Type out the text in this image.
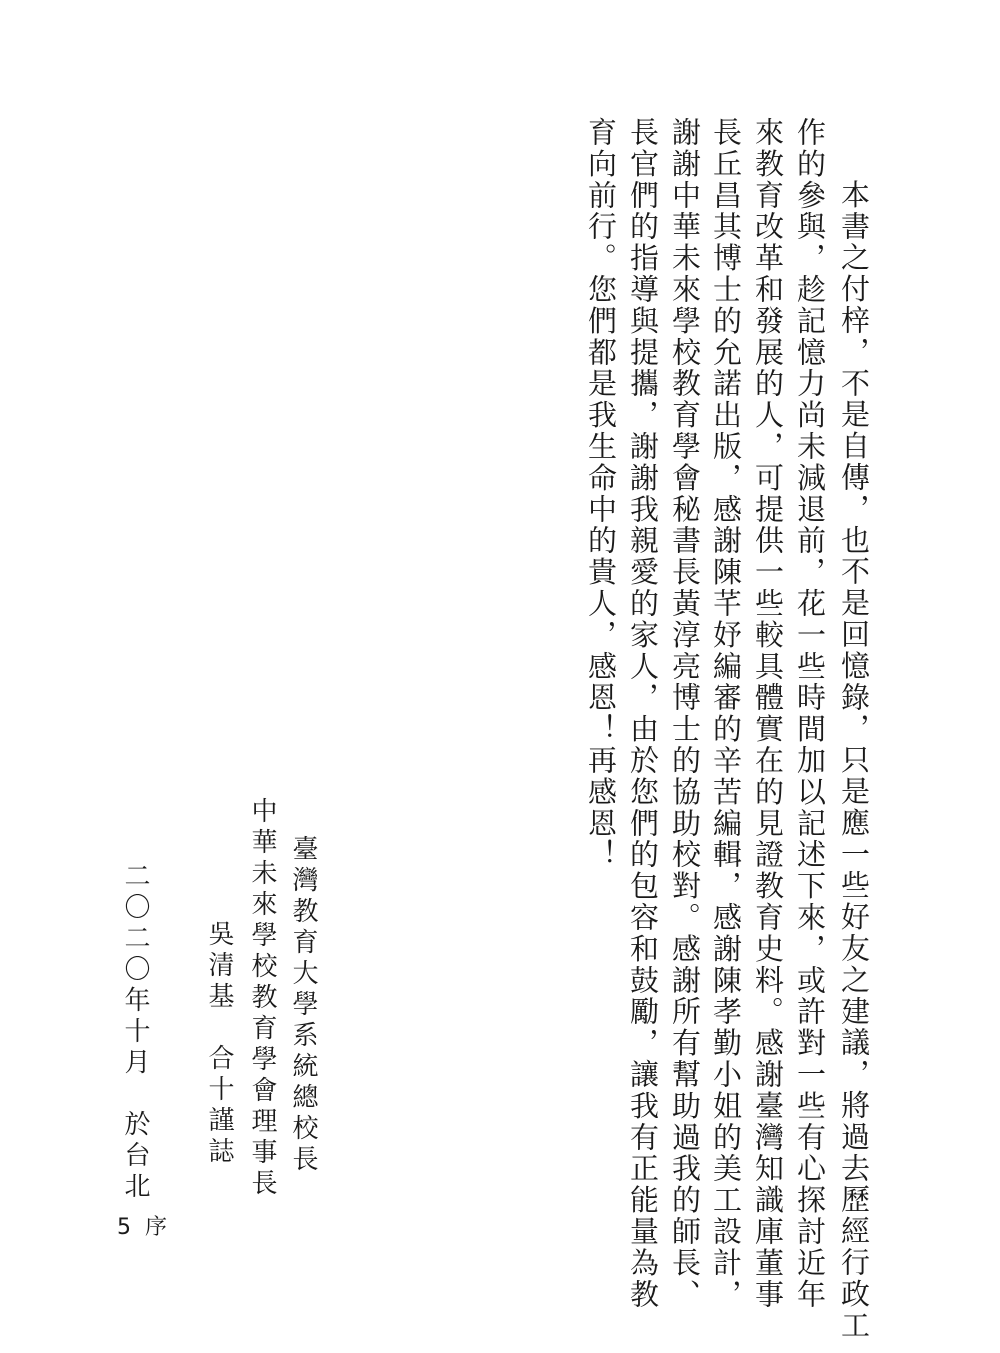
　本書之付梓，不是自傳，也不是回憶錄，只是應一些好友之建議，將過去歷經行政工
作的參與，趁記憶力尚未減退前，花一些時間加以記述下來，或許對一些有心探討近年
來教育改革和發展的人，可提供一些較具體實在的見證教育史料。感謝臺灣知識庫董事
長丘昌其博士的允諾出版，感謝陳芊妤編審的辛苦編輯，感謝陳孝勤小姐的美工設計，
謝謝中華未來學校教育學會秘書長黃淳亮博士的協助校對。感謝所有幫助過我的師長、
長官們的指導與提攜，謝謝我親愛的家人，由於您們的包容和鼓勵，讓我有正能量為教
育向前行。您們都是我生命中的貴人，感恩！再感恩！
臺灣教育大學系統總校長
中華未來學校教育學會理事長
吳清基　合十謹誌
二〇二〇年十月　於台北
5序
